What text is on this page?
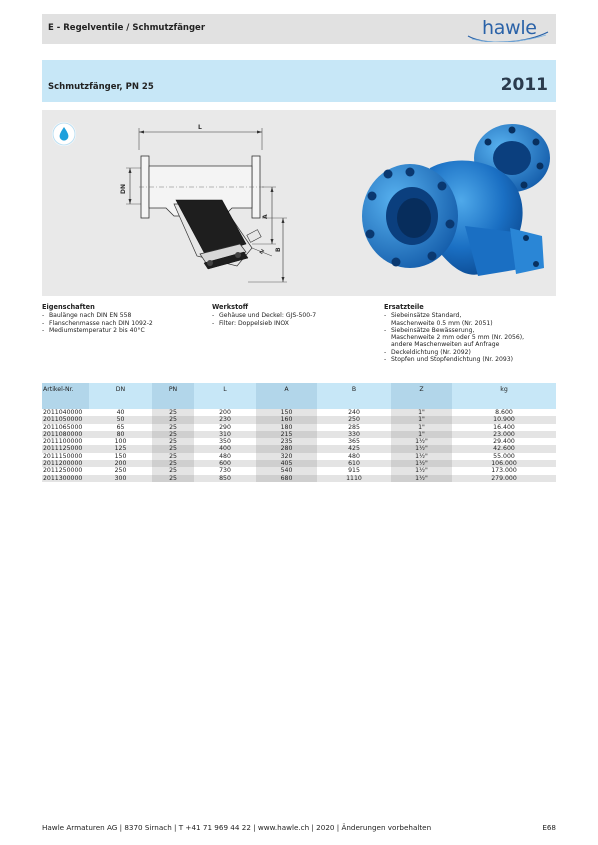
E - Regelventile / Schmutzfänger	hawle
Schmutzfänger, PN 25	2011
L
DN
Z
A
B
Eigenschaften
- Baulänge nach DIN EN 558
- Flanschenmasse nach DIN 1092-2
- Mediumstemperatur 2 bis 40°C
Werkstoff
- Gehäuse und Deckel: GJS-500-7
- Filter: Doppelsieb INOX
Ersatzteile
- Siebeinsätze Standard,
Maschenweite 0.5 mm (Nr. 2051)
- Siebeinsätze Bewässerung,
Maschenweite 2 mm oder 5 mm (Nr. 2056),
andere Maschenweiten auf Anfrage
- Deckeldichtung (Nr. 2092)
- Stopfen und Stopfendichtung (Nr. 2093)
Artikel-Nr.	DN	PN	L	A	B	Z	kg
2011040000	40	25	200	150	240	1"	8.600
2011050000	50	25	230	160	250	1"	10.900
2011065000	65	25	290	180	285	1"	16.400
2011080000	80	25	310	215	330	1"	23.000
2011100000	100	25	350	235	365	1½"	29.400
2011125000	125	25	400	280	425	1½"	42.600
2011150000	150	25	480	320	480	1½"	55.000
2011200000	200	25	600	405	610	1½"	106.000
2011250000	250	25	730	540	915	1½"	173.000
2011300000	300	25	850	680	1110	1½"	279.000
Hawle Armaturen AG | 8370 Sirnach | T +41 71 969 44 22 | www.hawle.ch | 2020 | Änderungen vorbehalten	E68
